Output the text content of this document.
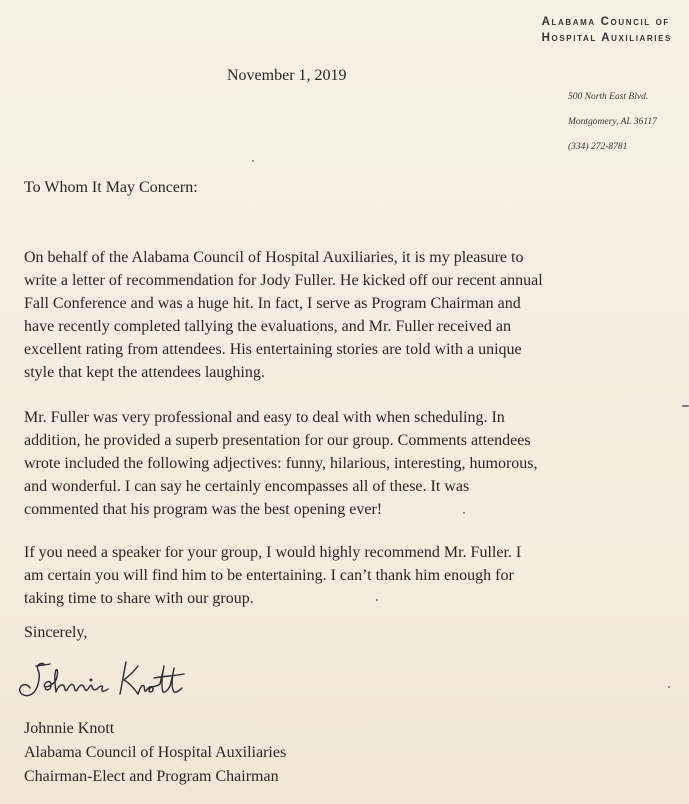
Alabama Council of
Hospital Auxiliaries
November 1, 2019
500 North East Blvd.
Montgomery, AL 36117
(334) 272-8781
To Whom It May Concern:
On behalf of the Alabama Council of Hospital Auxiliaries, it is my pleasure to
write a letter of recommendation for Jody Fuller. He kicked off our recent annual
Fall Conference and was a huge hit. In fact, I serve as Program Chairman and
have recently completed tallying the evaluations, and Mr. Fuller received an
excellent rating from attendees. His entertaining stories are told with a unique
style that kept the attendees laughing.
Mr. Fuller was very professional and easy to deal with when scheduling. In
addition, he provided a superb presentation for our group. Comments attendees
wrote included the following adjectives: funny, hilarious, interesting, humorous,
and wonderful. I can say he certainly encompasses all of these. It was
commented that his program was the best opening ever!
If you need a speaker for your group, I would highly recommend Mr. Fuller. I
am certain you will find him to be entertaining. I can’t thank him enough for
taking time to share with our group.
Sincerely,
Johnnie Knott
Alabama Council of Hospital Auxiliaries
Chairman-Elect and Program Chairman
